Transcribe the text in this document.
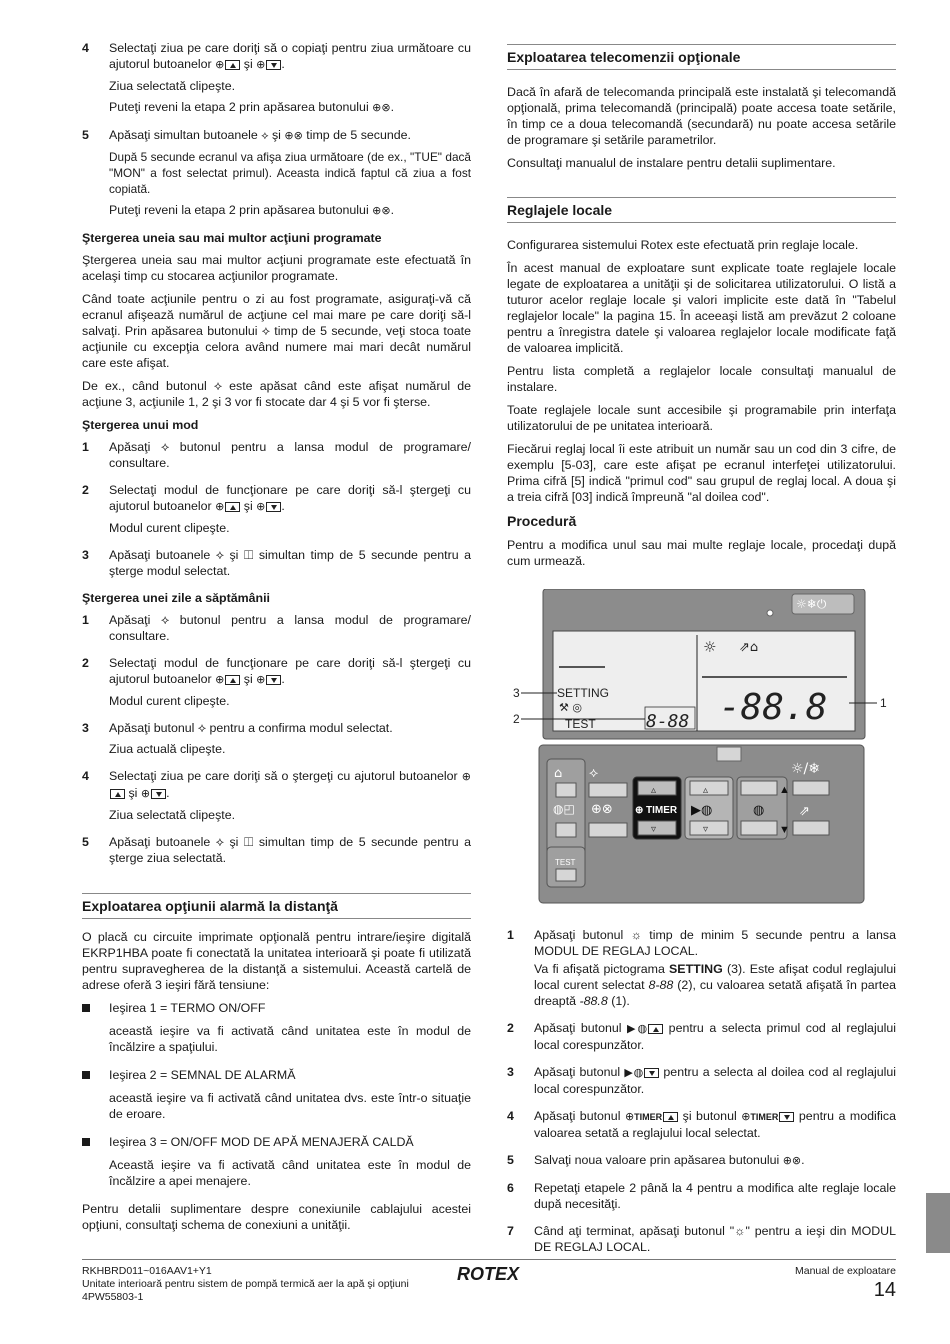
4	Selectaţi ziua pe care doriţi să o copiaţi pentru ziua următoare cu ajutorul butoanelor ⊕ şi ⊕ .

Ziua selectată clipeşte.

Puteţi reveni la etapa 2 prin apăsarea butonului ⊕⊗.

5	Apăsaţi simultan butoanele ⟡ şi ⊕⊗ timp de 5 secunde.

După 5 secunde ecranul va afişa ziua următoare (de ex., "TUE" dacă "MON" a fost selectat primul). Aceasta indică faptul că ziua a fost copiată.

Puteţi reveni la etapa 2 prin apăsarea butonului ⊕⊗.

Ştergerea uneia sau mai multor acţiuni programate

Ştergerea uneia sau mai multor acţiuni programate este efectuată în acelaşi timp cu stocarea acţiunilor programate.

Când toate acţiunile pentru o zi au fost programate, asiguraţi-vă că ecranul afişează numărul de acţiune cel mai mare pe care doriţi să-l salvaţi. Prin apăsarea butonului ⟡ timp de 5 secunde, veţi stoca toate acţiunile cu excepţia celora având numere mai mari decât numărul care este afişat.

De ex., când butonul ⟡ este apăsat când este afişat numărul de acţiune 3, acţiunile 1, 2 şi 3 vor fi stocate dar 4 şi 5 vor fi şterse.

Ştergerea unui mod
1	Apăsaţi ⟡ butonul pentru a lansa modul de programare/ consultare.

2	Selectaţi modul de funcţionare pe care doriţi să-l ştergeţi cu ajutorul butoanelor ⊕ şi ⊕ .

Modul curent clipeşte.

3	Apăsaţi butoanele ⟡ şi ◫ simultan timp de 5 secunde pentru a şterge modul selectat.

Ştergerea unei zile a săptămânii
1	Apăsaţi ⟡ butonul pentru a lansa modul de programare/ consultare.

2	Selectaţi modul de funcţionare pe care doriţi să-l ştergeţi cu ajutorul butoanelor ⊕ şi ⊕ .

Modul curent clipeşte.

3	Apăsaţi butonul ⟡ pentru a confirma modul selectat.

Ziua actuală clipeşte.

4	Selectaţi ziua pe care doriţi să o ştergeţi cu ajutorul butoanelor ⊕ şi ⊕ .

Ziua selectată clipeşte.

5	Apăsaţi butoanele ⟡ şi ◫ simultan timp de 5 secunde pentru a şterge ziua selectată.

Exploatarea opţiunii alarmă la distanţă

O placă cu circuite imprimate opţională pentru intrare/ieşire digitală EKRP1HBA poate fi conectată la unitatea interioară şi poate fi utilizată pentru supravegherea de la distanţă a sistemului. Această cartelă de adrese oferă 3 ieşiri fără tensiune:

Ieşirea 1 = TERMO ON/OFF

această ieşire va fi activată când unitatea este în modul de încălzire a spaţiului.

Ieşirea 2 = SEMNAL DE ALARMĂ

această ieşire va fi activată când unitatea dvs. este într-o situaţie de eroare.

Ieşirea 3 = ON/OFF MOD DE APĂ MENAJERĂ CALDĂ

Această ieşire va fi activată când unitatea este în modul de încălzire a apei menajere.

Pentru detalii suplimentare despre conexiunile cablajului acestei opţiuni, consultaţi schema de conexiuni a unităţii.

Exploatarea telecomenzii opţionale

Dacă în afară de telecomanda principală este instalată şi telecomandă opţională, prima telecomandă (principală) poate accesa toate setările, în timp ce a doua telecomandă (secundară) nu poate accesa setările de programare şi setările parametrilor.

Consultaţi manualul de instalare pentru detalii suplimentare.

Reglajele locale

Configurarea sistemului Rotex este efectuată prin reglaje locale.

În acest manual de exploatare sunt explicate toate reglajele locale legate de exploatarea a unităţii şi de solicitarea utilizatorului. O listă a tuturor acelor reglaje locale şi valori implicite este dată în "Tabelul reglajelor locale" la pagina 15. În aceeaşi listă am prevăzut 2 coloane pentru a înregistra datele şi valoarea reglajelor locale modificate faţă de valoarea implicită.

Pentru lista completă a reglajelor locale consultaţi manualul de instalare.

Toate reglajele locale sunt accesibile şi programabile prin interfaţa utilizatorului de pe unitatea interioară.

Fiecărui reglaj local îi este atribuit un număr sau un cod din 3 cifre, de exemplu [5-03], care este afişat pe ecranul interfeţei utilizatorului. Prima cifră [5] indică "primul cod" sau grupul de reglaj local. A doua şi a treia cifră [03] indică împreună "al doilea cod".

Procedură

Pentru a modifica unul sau mai multe reglaje locale, procedaţi după cum urmează.

☼❄⏻
☼ ⇗⌂
SETTING
⚒ ◎
TEST	8-88 -88.8
3
2
1
⌂
◍◰
TEST
⟡
⊕⊗
▵
⊕ TIMER
▿
▵
▶◍
▿
▲
◍
▼
☼/❄
⇗
1	Apăsaţi butonul ☼ timp de minim 5 secunde pentru a lansa MODUL DE REGLAJ LOCAL.

Va fi afişată pictograma SETTING (3). Este afişat codul reglajului local curent selectat 8-88 (2), cu valoarea setată afişată în partea dreaptă -88.8 (1).

2	Apăsaţi butonul ▶◍ pentru a selecta primul cod al reglajului local corespunzător.

3	Apăsaţi butonul ▶◍ pentru a selecta al doilea cod al reglajului local corespunzător.

4	Apăsaţi butonul ⊕TIMER şi butonul ⊕TIMER pentru a modifica valoarea setată a reglajului local selectat.

5	Salvaţi noua valoare prin apăsarea butonului ⊕⊗.

6	Repetaţi etapele 2 până la 4 pentru a modifica alte reglaje locale după necesităţi.

7	Când aţi terminat, apăsaţi butonul "☼" pentru a ieşi din MODUL DE REGLAJ LOCAL.

RKHBRD011~016AAV1+Y1
Unitate interioară pentru sistem de pompă termică aer la apă şi opţiuni
4PW55803-1
ROTEX	Manual de exploatare
14
